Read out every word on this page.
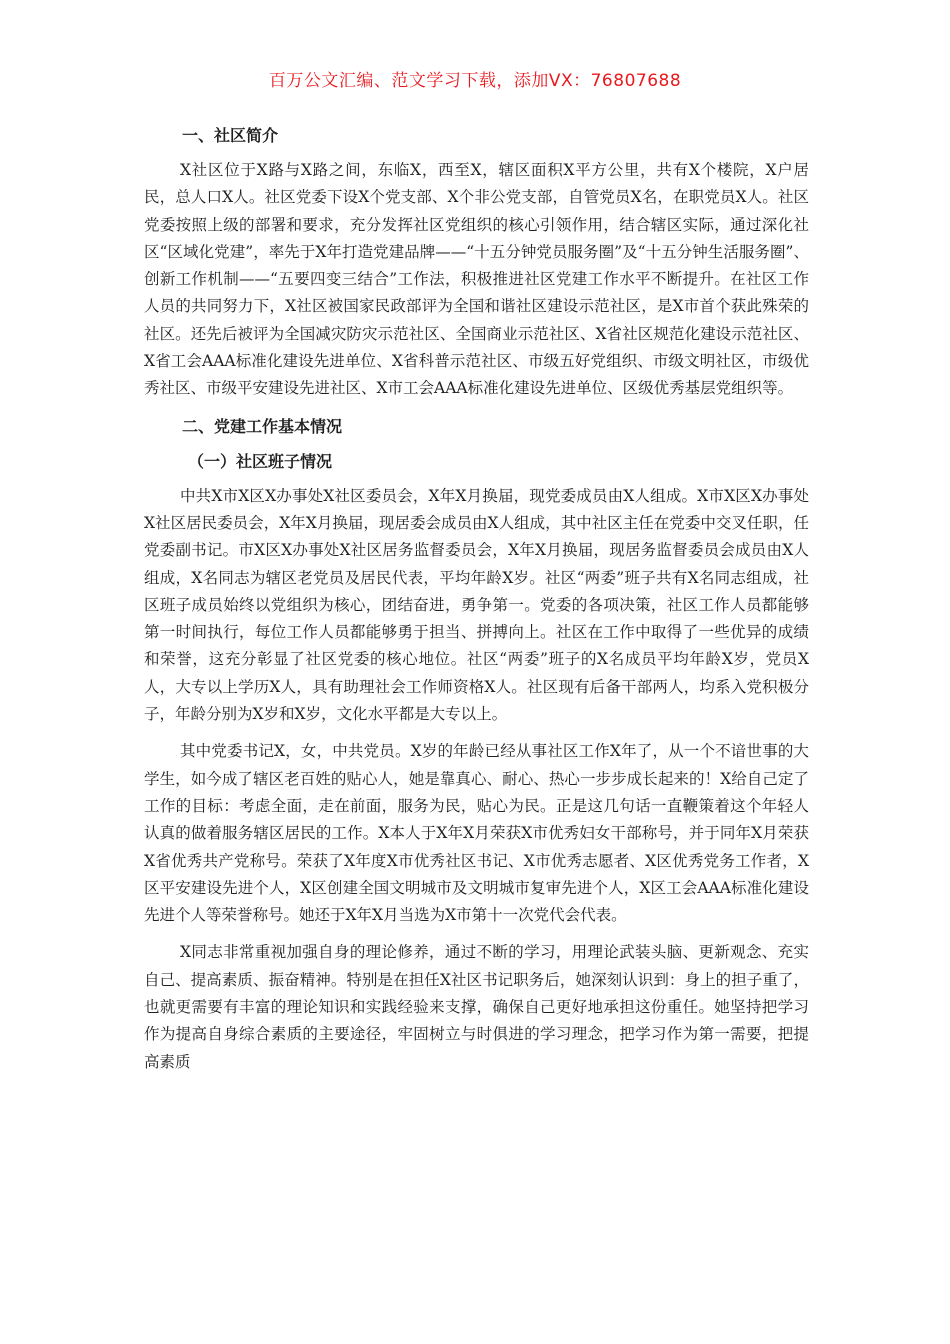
百万公文汇编、范文学习下载，添加VX：76807688
一、社区简介

X社区位于X路与X路之间，东临X，西至X，辖区面积X平方公里，共有X个楼院，X户居民，总人口X人。社区党委下设X个党支部、X个非公党支部，自管党员X名，在职党员X人。社区党委按照上级的部署和要求，充分发挥社区党组织的核心引领作用，结合辖区实际，通过深化社区“区域化党建”，率先于X年打造党建品牌——“十五分钟党员服务圈”及“十五分钟生活服务圈”、创新工作机制——“五要四变三结合”工作法，积极推进社区党建工作水平不断提升。在社区工作人员的共同努力下，X社区被国家民政部评为全国和谐社区建设示范社区，是X市首个获此殊荣的社区。还先后被评为全国减灾防灾示范社区、全国商业示范社区、X省社区规范化建设示范社区、X省工会AAA标准化建设先进单位、X省科普示范社区、市级五好党组织、市级文明社区，市级优秀社区、市级平安建设先进社区、X市工会AAA标准化建设先进单位、区级优秀基层党组织等。

二、党建工作基本情况
（一）社区班子情况

中共X市X区X办事处X社区委员会，X年X月换届，现党委成员由X人组成。X市X区X办事处X社区居民委员会，X年X月换届，现居委会成员由X人组成，其中社区主任在党委中交叉任职，任党委副书记。市X区X办事处X社区居务监督委员会，X年X月换届，现居务监督委员会成员由X人组成，X名同志为辖区老党员及居民代表，平均年龄X岁。社区“两委”班子共有X名同志组成，社区班子成员始终以党组织为核心，团结奋进，勇争第一。党委的各项决策，社区工作人员都能够第一时间执行，每位工作人员都能够勇于担当、拼搏向上。社区在工作中取得了一些优异的成绩和荣誉，这充分彰显了社区党委的核心地位。社区“两委”班子的X名成员平均年龄X岁，党员X人，大专以上学历X人，具有助理社会工作师资格X人。社区现有后备干部两人，均系入党积极分子，年龄分别为X岁和X岁，文化水平都是大专以上。

其中党委书记X，女，中共党员。X岁的年龄已经从事社区工作X年了，从一个不谙世事的大学生，如今成了辖区老百姓的贴心人，她是靠真心、耐心、热心一步步成长起来的！X给自己定了工作的目标：考虑全面，走在前面，服务为民，贴心为民。正是这几句话一直鞭策着这个年轻人认真的做着服务辖区居民的工作。X本人于X年X月荣获X市优秀妇女干部称号，并于同年X月荣获X省优秀共产党称号。荣获了X年度X市优秀社区书记、X市优秀志愿者、X区优秀党务工作者，X区平安建设先进个人，X区创建全国文明城市及文明城市复审先进个人，X区工会AAA标准化建设先进个人等荣誉称号。她还于X年X月当选为X市第十一次党代会代表。

X同志非常重视加强自身的理论修养，通过不断的学习，用理论武装头脑、更新观念、充实自己、提高素质、振奋精神。特别是在担任X社区书记职务后，她深刻认识到：身上的担子重了，也就更需要有丰富的理论知识和实践经验来支撑，确保自己更好地承担这份重任。她坚持把学习作为提高自身综合素质的主要途径，牢固树立与时俱进的学习理念，把学习作为第一需要，把提高素质
